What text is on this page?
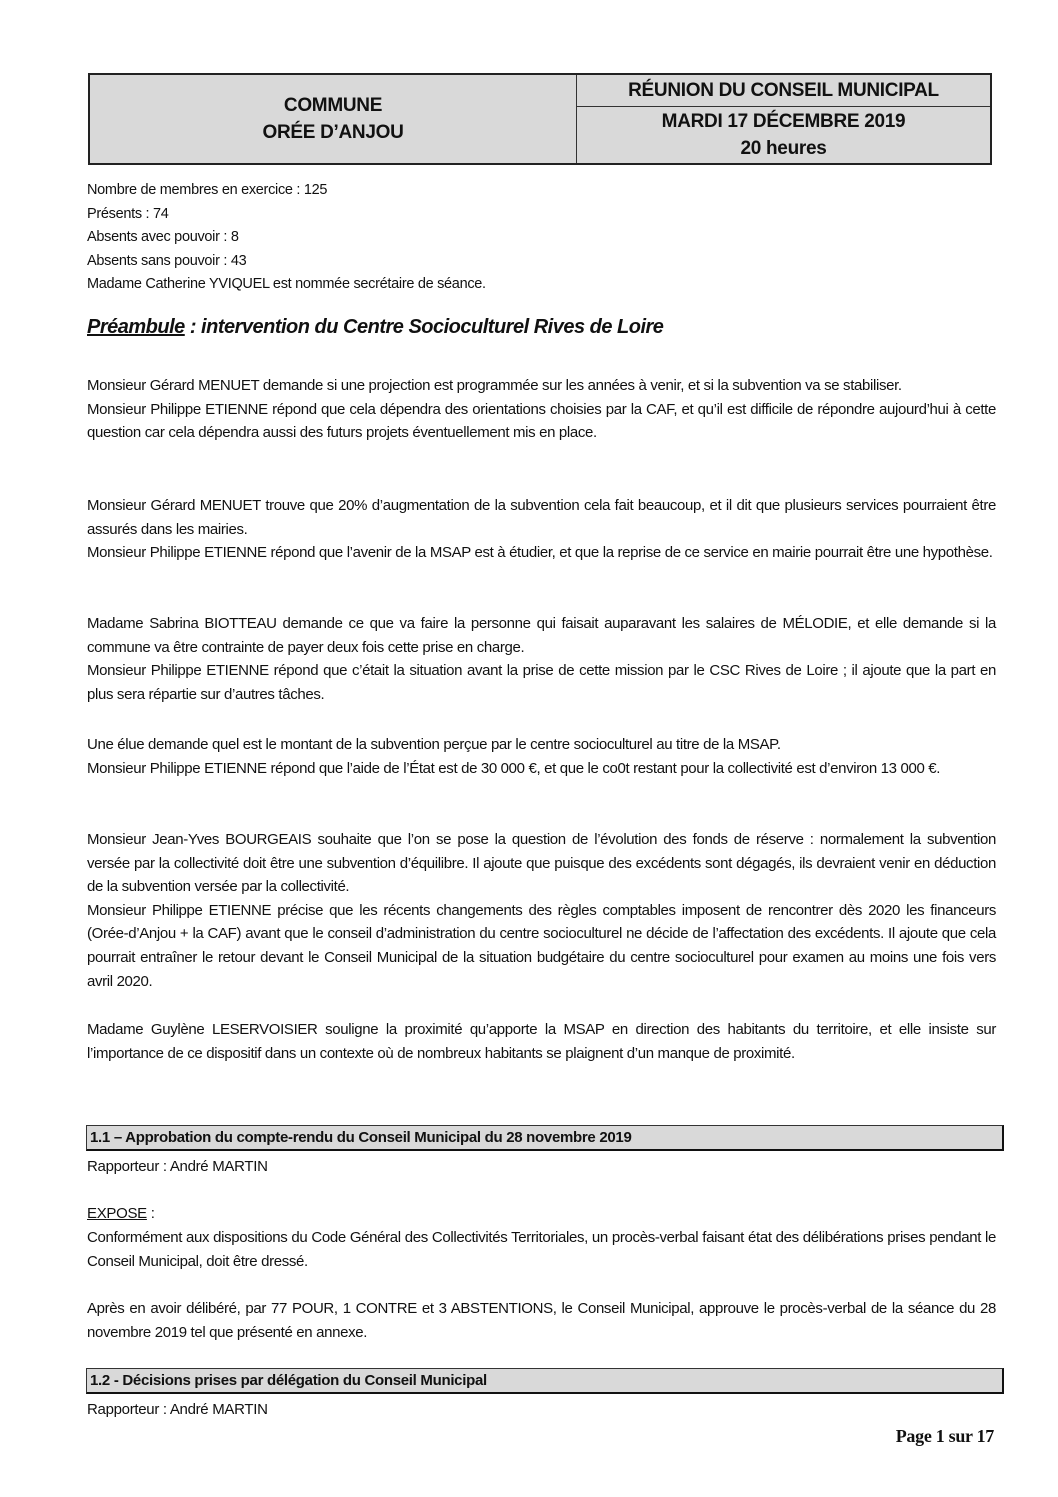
COMMUNE
ORÉE D’ANJOU
RÉUNION DU CONSEIL MUNICIPAL
MARDI 17 DÉCEMBRE 2019
20 heures
Nombre de membres en exercice : 125
Présents : 74
Absents avec pouvoir : 8
Absents sans pouvoir : 43
Madame Catherine YVIQUEL est nommée secrétaire de séance.
Préambule : intervention du Centre Socioculturel Rives de Loire
Monsieur Gérard MENUET demande si une projection est programmée sur les années à venir, et si la subvention va se stabiliser.
Monsieur Philippe ETIENNE répond que cela dépendra des orientations choisies par la CAF, et qu’il est difficile de répondre aujourd’hui à cette question car cela dépendra aussi des futurs projets éventuellement mis en place.
Monsieur Gérard MENUET trouve que 20% d’augmentation de la subvention cela fait beaucoup, et il dit que plusieurs services pourraient être assurés dans les mairies.
Monsieur Philippe ETIENNE répond que l’avenir de la MSAP est à étudier, et que la reprise de ce service en mairie pourrait être une hypothèse.
Madame Sabrina BIOTTEAU demande ce que va faire la personne qui faisait auparavant les salaires de MÉLODIE, et elle demande si la commune va être contrainte de payer deux fois cette prise en charge.
Monsieur Philippe ETIENNE répond que c’était la situation avant la prise de cette mission par le CSC Rives de Loire ; il ajoute que la part en plus sera répartie sur d’autres tâches.
Une élue demande quel est le montant de la subvention perçue par le centre socioculturel au titre de la MSAP.
Monsieur Philippe ETIENNE répond que l’aide de l’État est de 30 000 €, et que le co0t restant pour la collectivité est d’environ 13 000 €.
Monsieur Jean-Yves BOURGEAIS souhaite que l’on se pose la question de l’évolution des fonds de réserve : normalement la subvention versée par la collectivité doit être une subvention d’équilibre. Il ajoute que puisque des excédents sont dégagés, ils devraient venir en déduction de la subvention versée par la collectivité.
Monsieur Philippe ETIENNE précise que les récents changements des règles comptables imposent de rencontrer dès 2020 les financeurs (Orée-d’Anjou + la CAF) avant que le conseil d’administration du centre socioculturel ne décide de l’affectation des excédents. Il ajoute que cela pourrait entraîner le retour devant le Conseil Municipal de la situation budgétaire du centre socioculturel pour examen au moins une fois vers avril 2020.
Madame Guylène LESERVOISIER souligne la proximité qu’apporte la MSAP en direction des habitants du territoire, et elle insiste sur l’importance de ce dispositif dans un contexte où de nombreux habitants se plaignent d’un manque de proximité.
1.1 – Approbation du compte-rendu du Conseil Municipal du 28 novembre 2019
Rapporteur : André MARTIN
EXPOSE :
Conformément aux dispositions du Code Général des Collectivités Territoriales, un procès-verbal faisant état des délibérations prises pendant le Conseil Municipal, doit être dressé.
Après en avoir délibéré, par 77 POUR, 1 CONTRE et 3 ABSTENTIONS, le Conseil Municipal, approuve le procès-verbal de la séance du 28 novembre 2019 tel que présenté en annexe.
1.2 - Décisions prises par délégation du Conseil Municipal
Rapporteur : André MARTIN
Page 1 sur 17
